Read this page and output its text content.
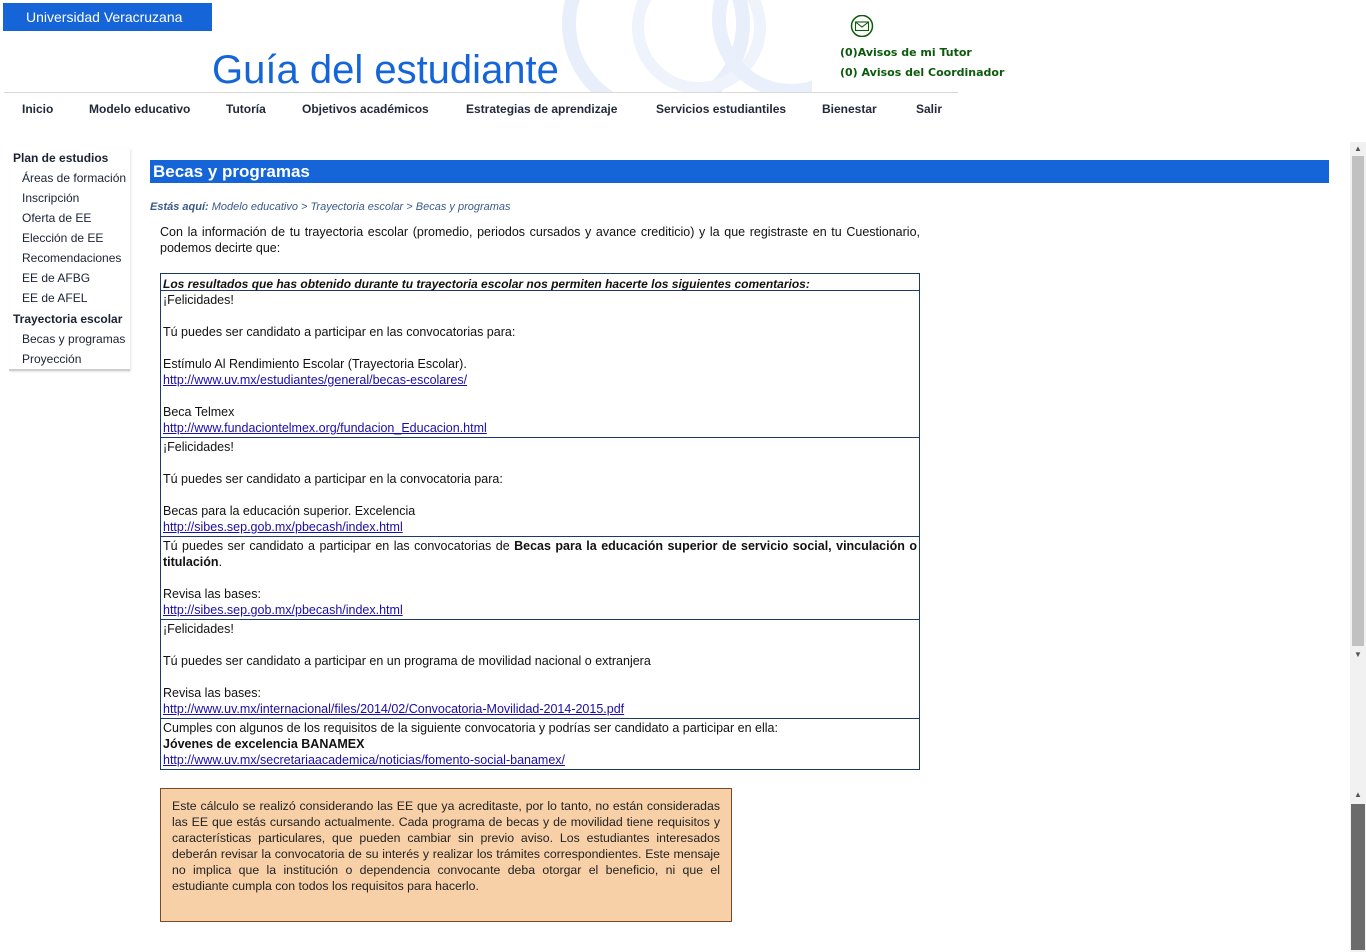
Universidad Veracruzana
Guía del estudiante	(0)Avisos de mi Tutor
(0) Avisos del Coordinador
Inicio	Modelo educativo	Tutoría	Objetivos académicos	Estrategias de aprendizaje	Servicios estudiantiles	Bienestar	Salir
Plan de estudios
Áreas de formación
Inscripción
Oferta de EE
Elección de EE
Recomendaciones
EE de AFBG
EE de AFEL
Trayectoria escolar
Becas y programas
Proyección
Becas y programas
Estás aquí: Modelo educativo > Trayectoria escolar > Becas y programas
Con la información de tu trayectoria escolar (promedio, periodos cursados y avance crediticio) y la que registraste en tu Cuestionario, podemos decirte que:
Los resultados que has obtenido durante tu trayectoria escolar nos permiten hacerte los siguientes comentarios:
¡Felicidades!
Tú puedes ser candidato a participar en las convocatorias para:
Estímulo Al Rendimiento Escolar (Trayectoria Escolar).
http://www.uv.mx/estudiantes/general/becas-escolares/
Beca Telmex
http://www.fundaciontelmex.org/fundacion_Educacion.html
¡Felicidades!
Tú puedes ser candidato a participar en la convocatoria para:
Becas para la educación superior. Excelencia
http://sibes.sep.gob.mx/pbecash/index.html
Tú puedes ser candidato a participar en las convocatorias de Becas para la educación superior de servicio social, vinculación o titulación.
Revisa las bases:
http://sibes.sep.gob.mx/pbecash/index.html
¡Felicidades!
Tú puedes ser candidato a participar en un programa de movilidad nacional o extranjera
Revisa las bases:
http://www.uv.mx/internacional/files/2014/02/Convocatoria-Movilidad-2014-2015.pdf
Cumples con algunos de los requisitos de la siguiente convocatoria y podrías ser candidato a participar en ella:
Jóvenes de excelencia BANAMEX
http://www.uv.mx/secretariaacademica/noticias/fomento-social-banamex/
Este cálculo se realizó considerando las EE que ya acreditaste, por lo tanto, no están consideradas las EE que estás cursando actualmente. Cada programa de becas y de movilidad tiene requisitos y características particulares, que pueden cambiar sin previo aviso. Los estudiantes interesados deberán revisar la convocatoria de su interés y realizar los trámites correspondientes. Este mensaje no implica que la institución o dependencia convocante deba otorgar el beneficio, ni que el estudiante cumpla con todos los requisitos para hacerlo.
▲
▼
▲
